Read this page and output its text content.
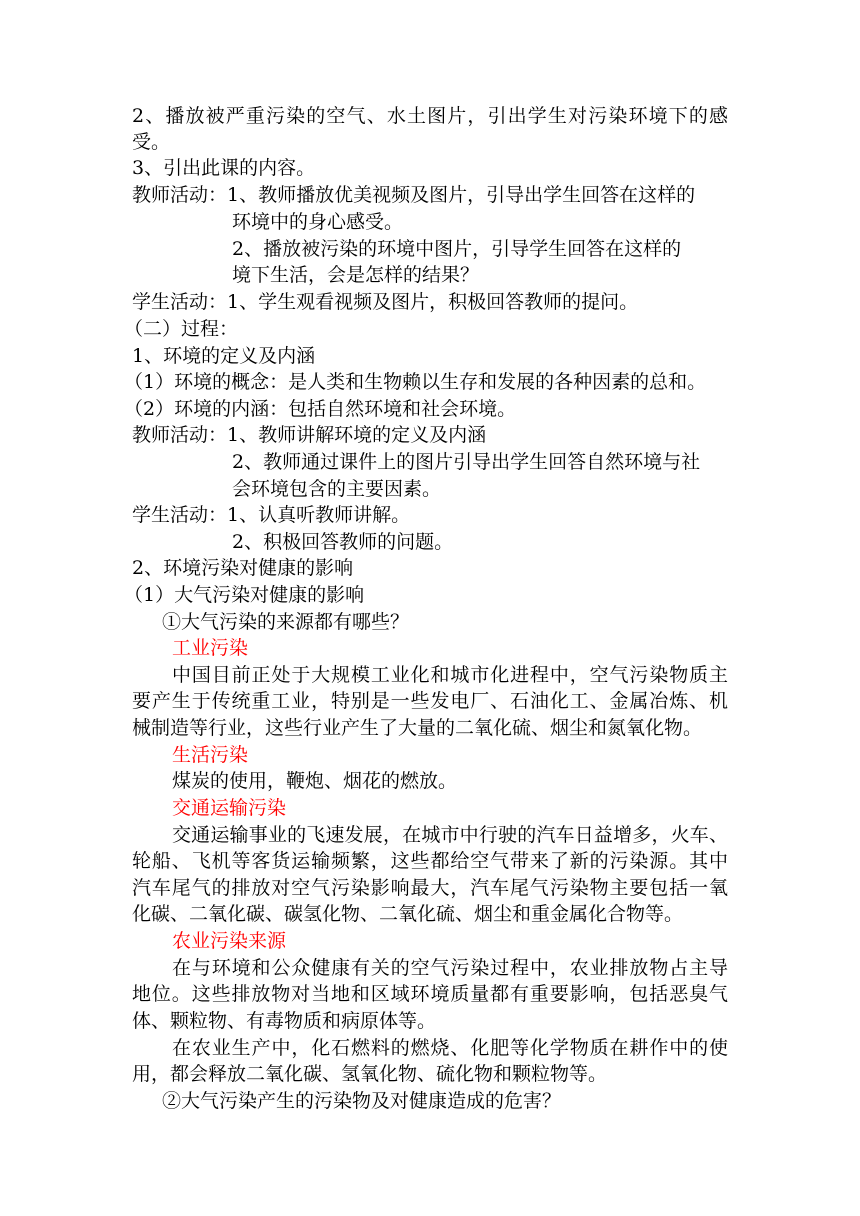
2、播放被严重污染的空气、水土图片，引出学生对污染环境下的感
受。
3、引出此课的内容。
教师活动：1、教师播放优美视频及图片，引导出学生回答在这样的
环境中的身心感受。
2、播放被污染的环境中图片，引导学生回答在这样的
境下生活，会是怎样的结果？
学生活动：1、学生观看视频及图片，积极回答教师的提问。
（二）过程：
1、环境的定义及内涵
（1）环境的概念：是人类和生物赖以生存和发展的各种因素的总和。
（2）环境的内涵：包括自然环境和社会环境。
教师活动：1、教师讲解环境的定义及内涵
2、教师通过课件上的图片引导出学生回答自然环境与社
会环境包含的主要因素。
学生活动：1、认真听教师讲解。
2、积极回答教师的问题。
2、环境污染对健康的影响
（1）大气污染对健康的影响
①大气污染的来源都有哪些？
工业污染
中国目前正处于大规模工业化和城市化进程中，空气污染物质主
要产生于传统重工业，特别是一些发电厂、石油化工、金属冶炼、机
械制造等行业，这些行业产生了大量的二氧化硫、烟尘和氮氧化物。
生活污染
煤炭的使用，鞭炮、烟花的燃放。
交通运输污染
交通运输事业的飞速发展，在城市中行驶的汽车日益增多，火车、
轮船、飞机等客货运输频繁，这些都给空气带来了新的污染源。其中
汽车尾气的排放对空气污染影响最大，汽车尾气污染物主要包括一氧
化碳、二氧化碳、碳氢化物、二氧化硫、烟尘和重金属化合物等。
农业污染来源
在与环境和公众健康有关的空气污染过程中，农业排放物占主导
地位。这些排放物对当地和区域环境质量都有重要影响，包括恶臭气
体、颗粒物、有毒物质和病原体等。
在农业生产中，化石燃料的燃烧、化肥等化学物质在耕作中的使
用，都会释放二氧化碳、氢氧化物、硫化物和颗粒物等。
②大气污染产生的污染物及对健康造成的危害？
